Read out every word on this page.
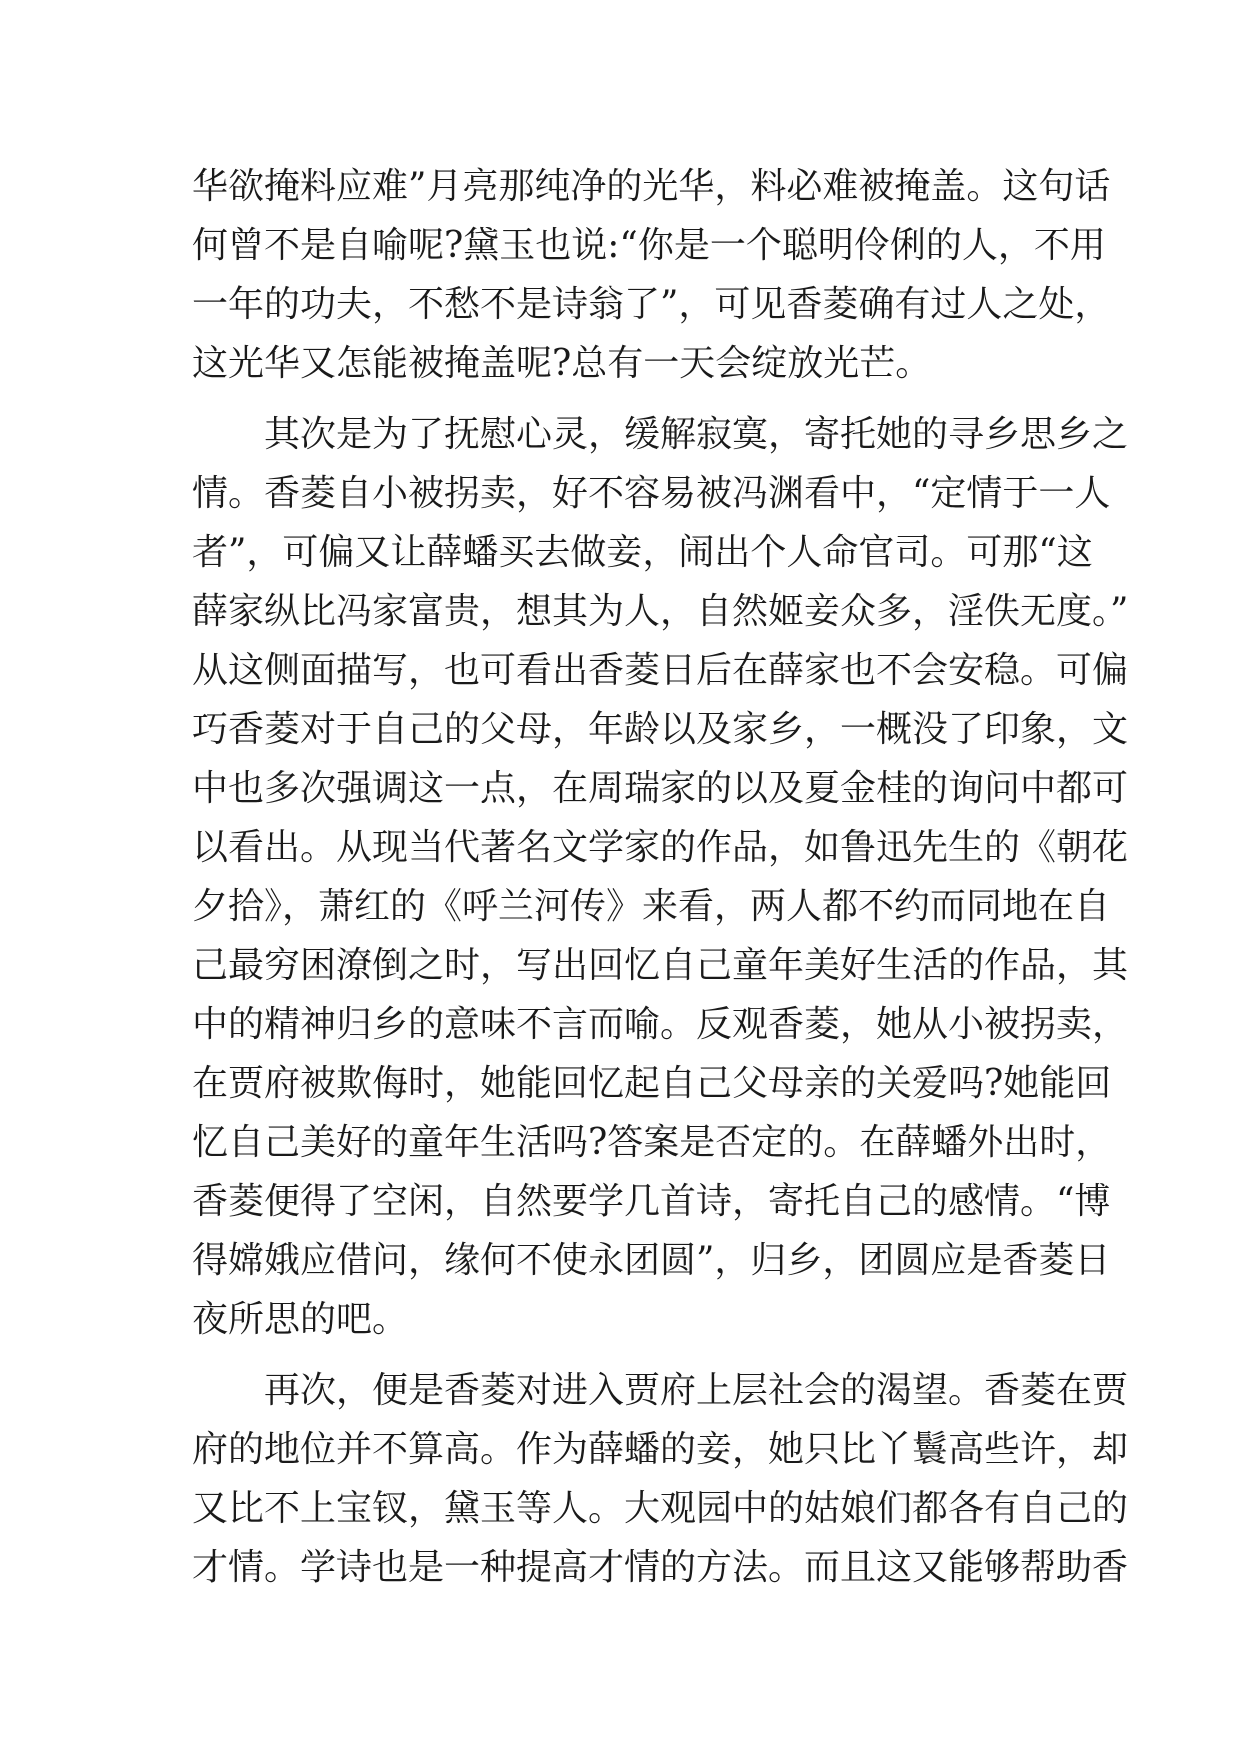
华欲掩料应难”月亮那纯净的光华，料必难被掩盖。这句话
何曾不是自喻呢?黛玉也说:“你是一个聪明伶俐的人，不用
一年的功夫，不愁不是诗翁了”，可见香菱确有过人之处，
这光华又怎能被掩盖呢?总有一天会绽放光芒。
其次是为了抚慰心灵，缓解寂寞，寄托她的寻乡思乡之
情。香菱自小被拐卖，好不容易被冯渊看中，“定情于一人
者”，可偏又让薛蟠买去做妾，闹出个人命官司。可那“这
薛家纵比冯家富贵，想其为人，自然姬妾众多，淫佚无度。”
从这侧面描写，也可看出香菱日后在薛家也不会安稳。可偏
巧香菱对于自己的父母，年龄以及家乡，一概没了印象，文
中也多次强调这一点，在周瑞家的以及夏金桂的询问中都可
以看出。从现当代著名文学家的作品，如鲁迅先生的《朝花
夕拾》，萧红的《呼兰河传》来看，两人都不约而同地在自
己最穷困潦倒之时，写出回忆自己童年美好生活的作品，其
中的精神归乡的意味不言而喻。反观香菱，她从小被拐卖，
在贾府被欺侮时，她能回忆起自己父母亲的关爱吗?她能回
忆自己美好的童年生活吗?答案是否定的。在薛蟠外出时，
香菱便得了空闲，自然要学几首诗，寄托自己的感情。“博
得嫦娥应借问，缘何不使永团圆”，归乡，团圆应是香菱日
夜所思的吧。
再次，便是香菱对进入贾府上层社会的渴望。香菱在贾
府的地位并不算高。作为薛蟠的妾，她只比丫鬟高些许，却
又比不上宝钗，黛玉等人。大观园中的姑娘们都各有自己的
才情。学诗也是一种提高才情的方法。而且这又能够帮助香
